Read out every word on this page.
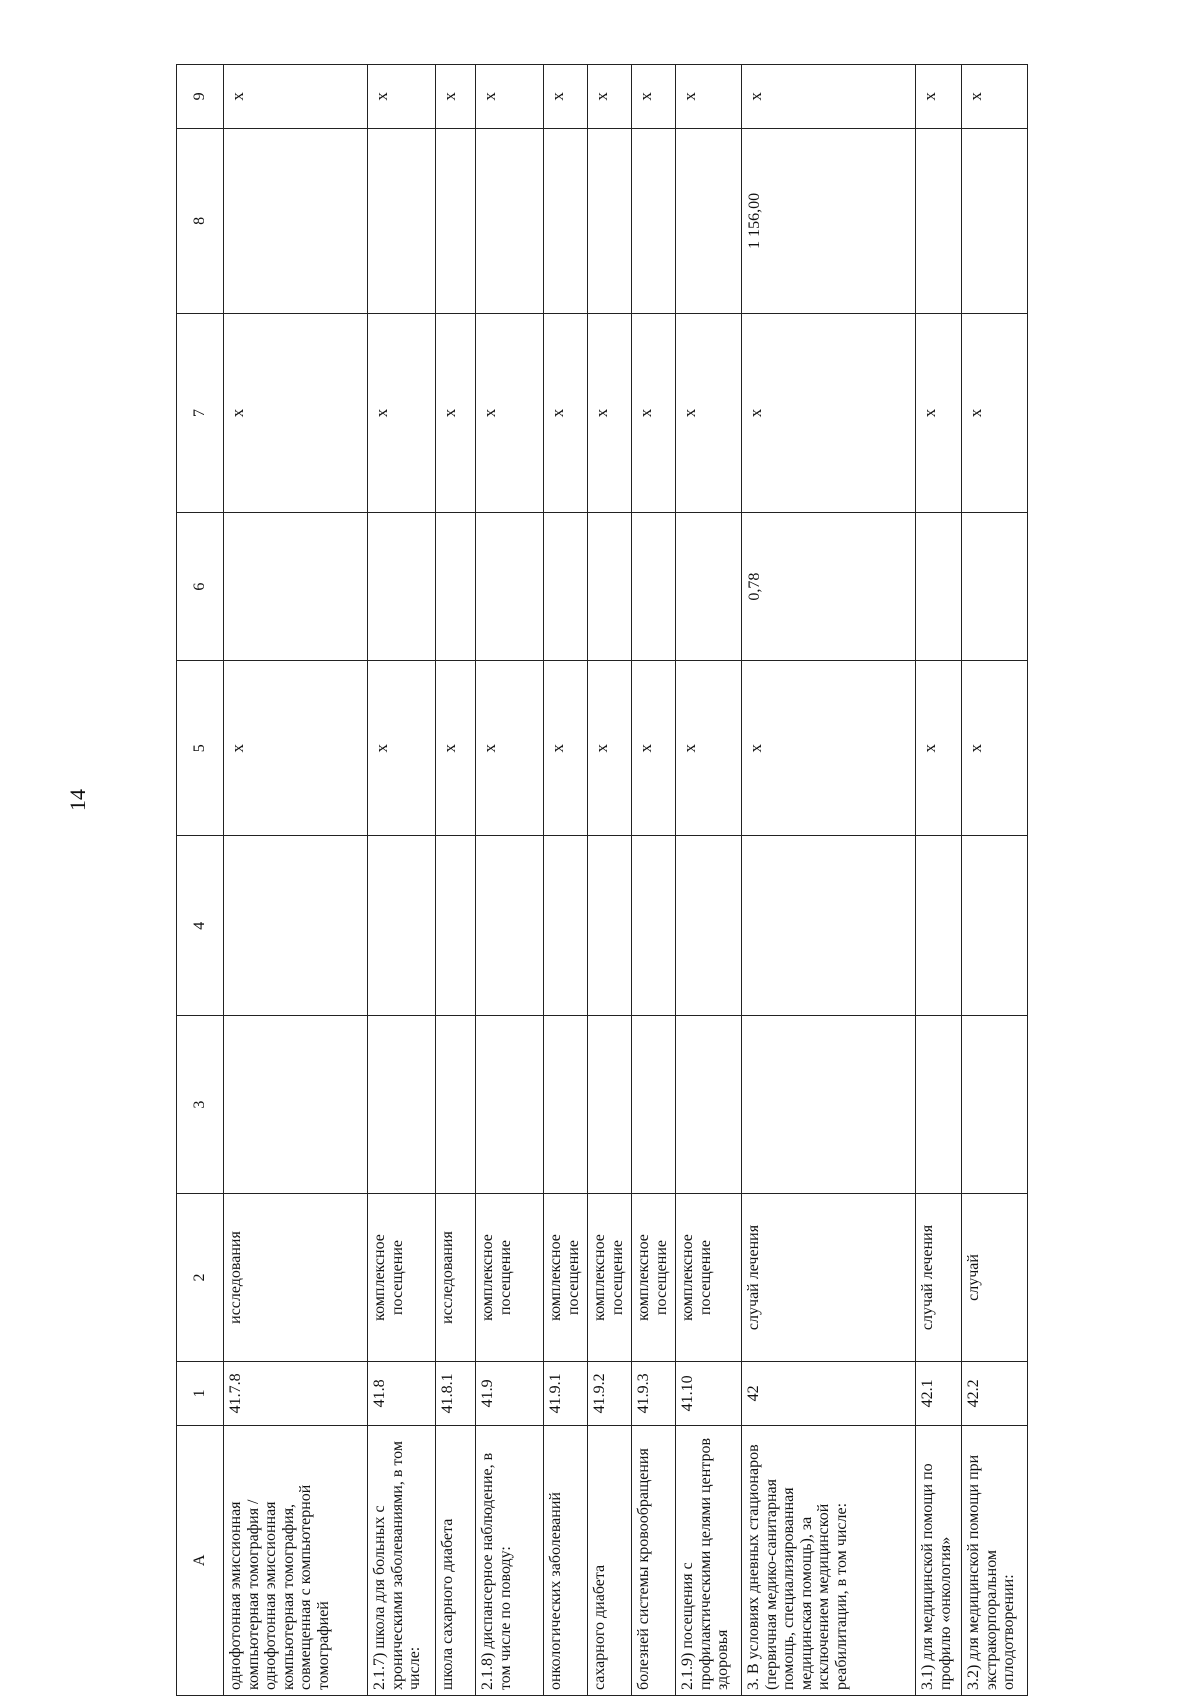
14
A	1	2	3	4	5	6	7	8	9
однофотонная эмиссионная компьютерная томография / однофотонная эмиссионная компьютерная томография, совмещенная с компьютерной томографией	41.7.8	исследования			x		x		x
2.1.7) школа для больных с хроническими заболеваниями, в том числе:	41.8	комплексное посещение			x		x		x
школа сахарного диабета	41.8.1	исследования			x		x		x
2.1.8) диспансерное наблюдение, в том числе по поводу:	41.9	комплексное посещение			x		x		x
онкологических заболеваний	41.9.1	комплексное посещение			x		x		x
сахарного диабета	41.9.2	комплексное посещение			x		x		x
болезней системы кровообращения	41.9.3	комплексное посещение			x		x		x
2.1.9) посещения с профилактическими целями центров здоровья	41.10	комплексное посещение			x		x		x
3. В условиях дневных стационаров (первичная медико-санитарная помощь, специализированная медицинская помощь), за исключением медицинской реабилитации, в том числе:	42	случай лечения			x	0,78	x	1 156,00	x
3.1) для медицинской помощи по профилю «онкология»	42.1	случай лечения			x		x		x
3.2) для медицинской помощи при экстракорпоральном оплодотворении:	42.2	случай			x		x		x
